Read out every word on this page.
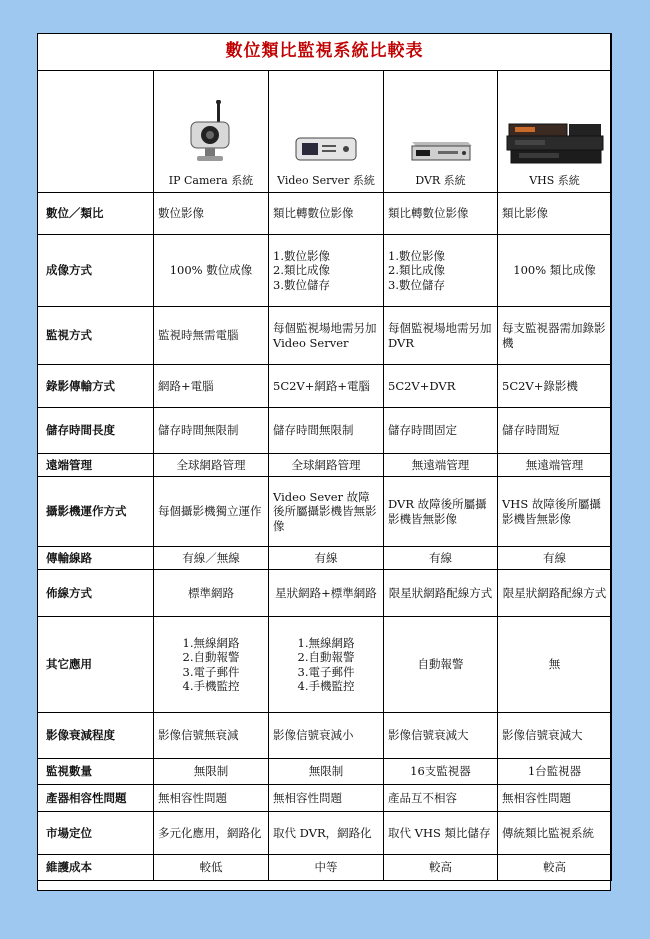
數位類比監視系統比較表				

	IP Camera 系統	Video Server 系統	DVR 系統	VHS 系統

數位／類比	數位影像	類比轉數位影像	類比轉數位影像	類比影像
成像方式	100% 數位成像	1.數位影像
2.類比成像
3.數位儲存	1.數位影像
2.類比成像
3.數位儲存	100% 類比成像
監視方式	監視時無需電腦	每個監視場地需另加 Video Server	每個監視場地需另加 DVR	每支監視器需加錄影機
錄影傳輸方式	網路+電腦	5C2V+網路+電腦	5C2V+DVR	5C2V+錄影機
儲存時間長度	儲存時間無限制	儲存時間無限制	儲存時間固定	儲存時間短
遠端管理	全球網路管理	全球網路管理	無遠端管理	無遠端管理
攝影機運作方式	每個攝影機獨立運作	Video Sever 故障後所屬攝影機皆無影像	DVR 故障後所屬攝影機皆無影像	VHS 故障後所屬攝影機皆無影像
傳輸線路	有線／無線	有線	有線	有線
佈線方式	標準網路	星狀網路+標準網路	限星狀網路配線方式	限星狀網路配線方式
其它應用	1.無線網路
2.自動報警
3.電子郵件
4.手機監控	1.無線網路
2.自動報警
3.電子郵件
4.手機監控	自動報警	無
影像衰減程度	影像信號無衰減	影像信號衰減小	影像信號衰減大	影像信號衰減大
監視數量	無限制	無限制	16支監視器	1台監視器
產器相容性問題	無相容性問題	無相容性問題	產品互不相容	無相容性問題
市場定位	多元化應用，網路化	取代 DVR，網路化	取代 VHS 類比儲存	傳統類比監視系統
維護成本	較低	中等	較高	較高
